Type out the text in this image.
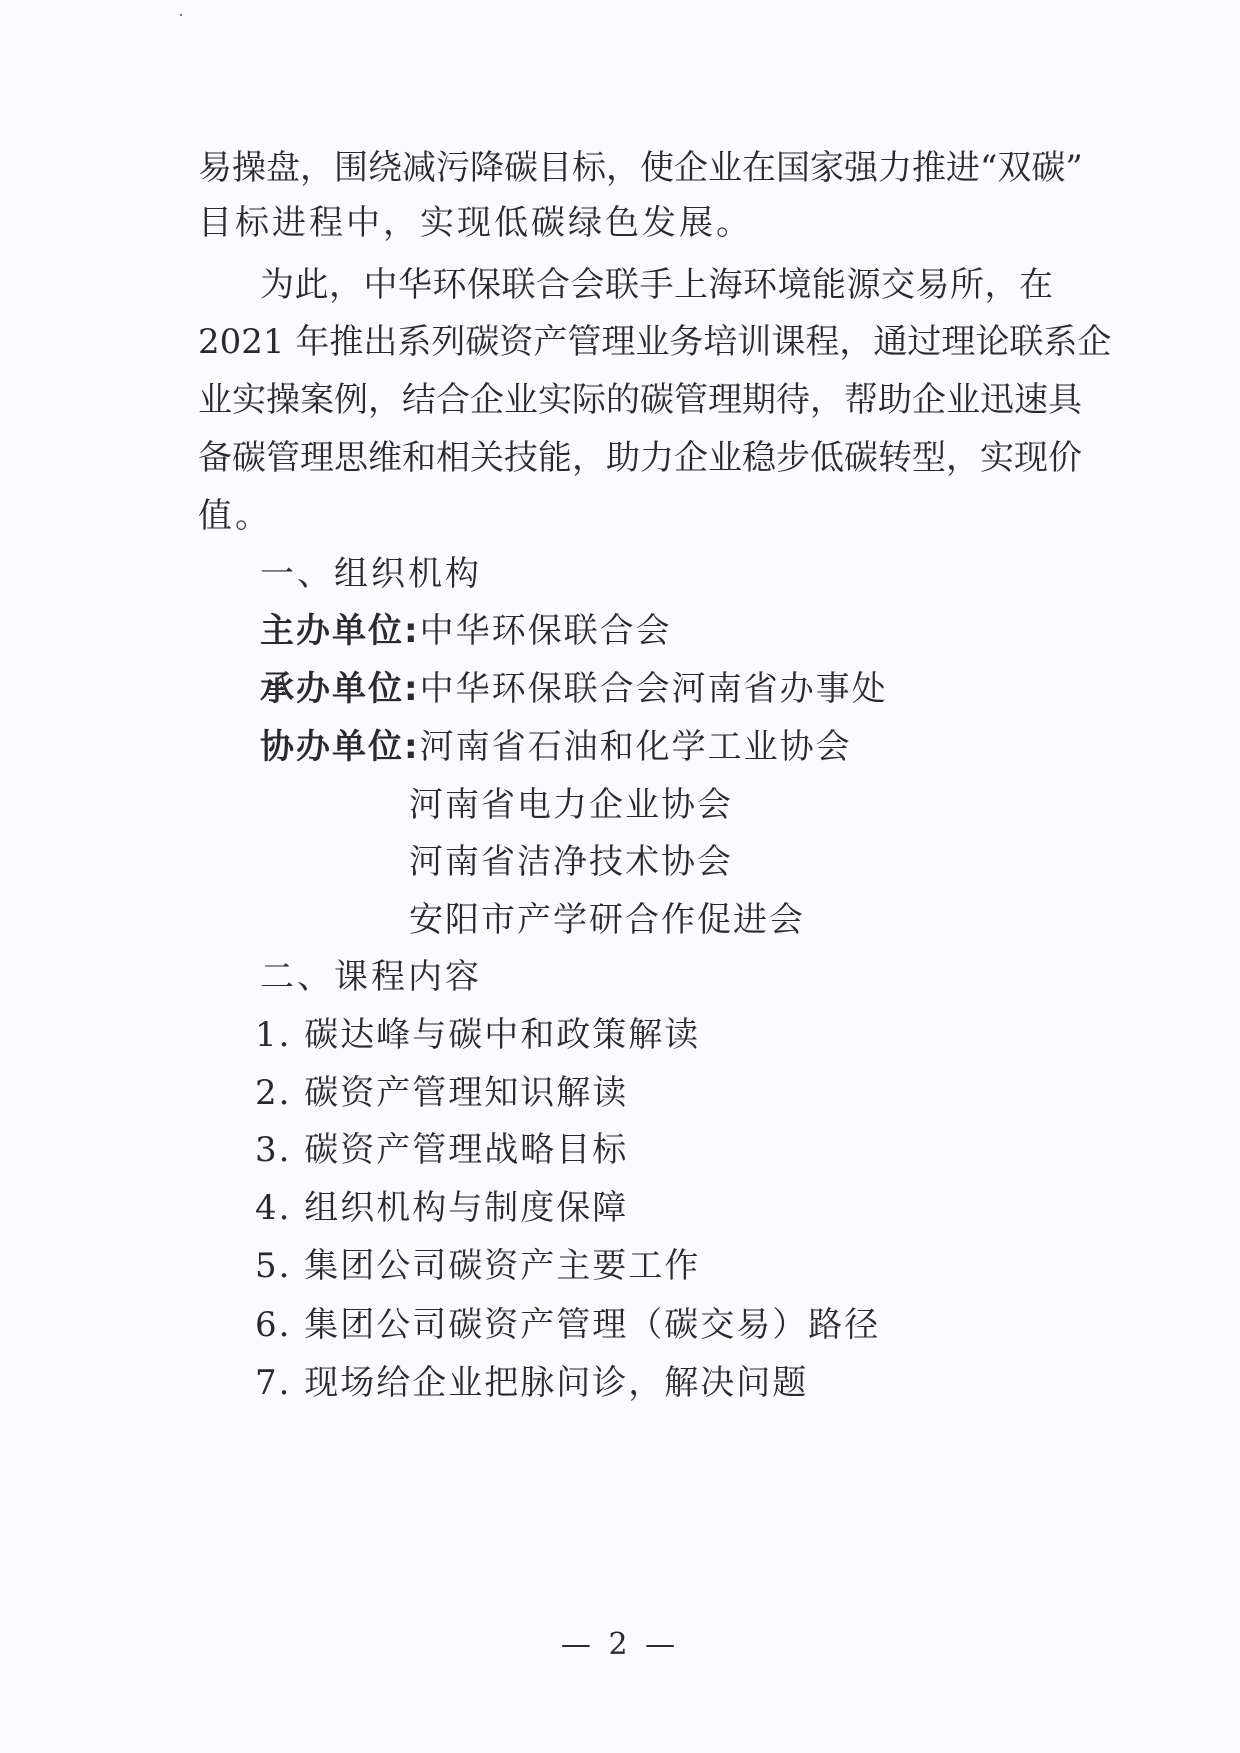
易操盘，围绕减污降碳目标，使企业在国家强力推进“双碳”
目标进程中，实现低碳绿色发展。
为此，中华环保联合会联手上海环境能源交易所，在
2021 年推出系列碳资产管理业务培训课程，通过理论联系企
业实操案例，结合企业实际的碳管理期待，帮助企业迅速具
备碳管理思维和相关技能，助力企业稳步低碳转型，实现价
值。
一、组织机构
主办单位:中华环保联合会
承办单位:中华环保联合会河南省办事处
协办单位:河南省石油和化学工业协会
河南省电力企业协会
河南省洁净技术协会
安阳市产学研合作促进会
二、课程内容
1. 碳达峰与碳中和政策解读
2. 碳资产管理知识解读
3. 碳资产管理战略目标
4. 组织机构与制度保障
5. 集团公司碳资产主要工作
6. 集团公司碳资产管理（碳交易）路径
7. 现场给企业把脉问诊，解决问题
— 2 —
